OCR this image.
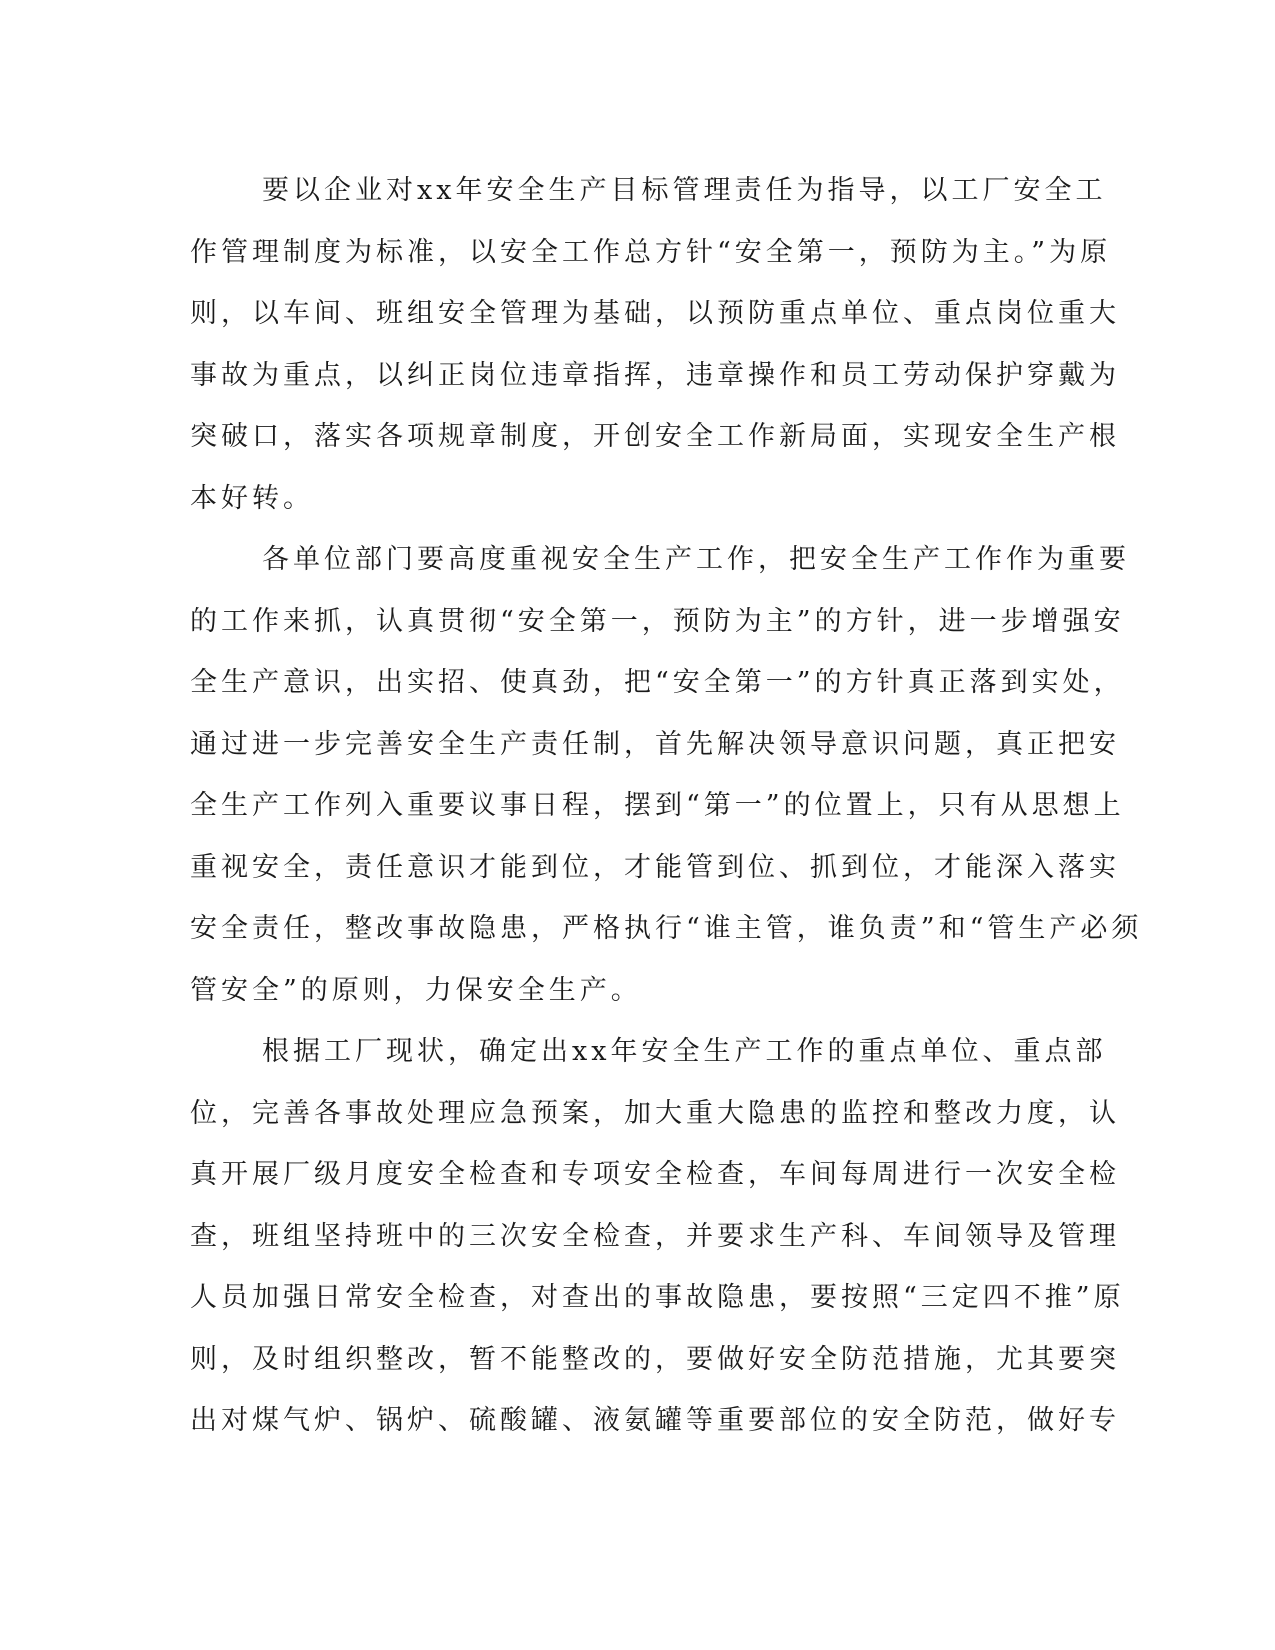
要以企业对xx年安全生产目标管理责任为指导，以工厂安全工
作管理制度为标准，以安全工作总方针“安全第一，预防为主。”为原
则，以车间、班组安全管理为基础，以预防重点单位、重点岗位重大
事故为重点，以纠正岗位违章指挥，违章操作和员工劳动保护穿戴为
突破口，落实各项规章制度，开创安全工作新局面，实现安全生产根
本好转。
各单位部门要高度重视安全生产工作，把安全生产工作作为重要
的工作来抓，认真贯彻“安全第一，预防为主”的方针，进一步增强安
全生产意识，出实招、使真劲，把“安全第一”的方针真正落到实处，
通过进一步完善安全生产责任制，首先解决领导意识问题，真正把安
全生产工作列入重要议事日程，摆到“第一”的位置上，只有从思想上
重视安全，责任意识才能到位，才能管到位、抓到位，才能深入落实
安全责任，整改事故隐患，严格执行“谁主管，谁负责”和“管生产必须
管安全”的原则，力保安全生产。
根据工厂现状，确定出xx年安全生产工作的重点单位、重点部
位，完善各事故处理应急预案，加大重大隐患的监控和整改力度，认
真开展厂级月度安全检查和专项安全检查，车间每周进行一次安全检
查，班组坚持班中的三次安全检查，并要求生产科、车间领导及管理
人员加强日常安全检查，对查出的事故隐患，要按照“三定四不推”原
则，及时组织整改，暂不能整改的，要做好安全防范措施，尤其要突
出对煤气炉、锅炉、硫酸罐、液氨罐等重要部位的安全防范，做好专
